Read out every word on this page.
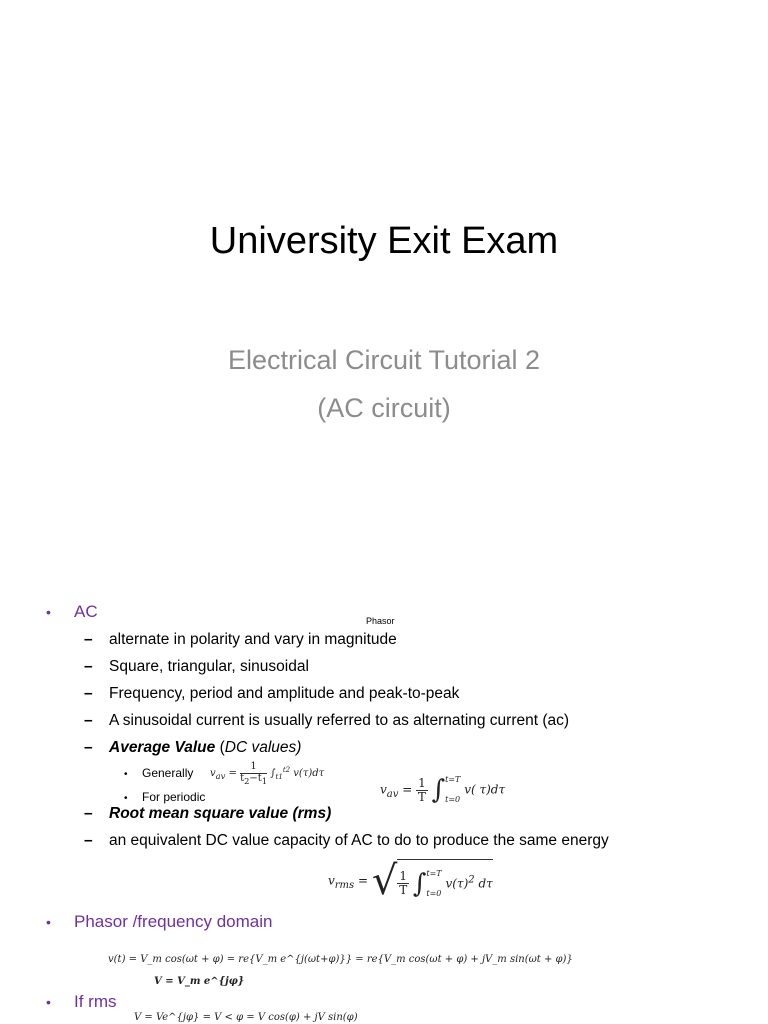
University Exit Exam
Electrical Circuit Tutorial 2
(AC circuit)
Phasor
• AC
– alternate in polarity and vary in magnitude
– Square, triangular, sinusoidal
– Frequency, period and amplitude and peak-to-peak
– A sinusoidal current is usually referred to as alternating current (ac)
– Average Value (DC values)
• Generally
• For periodic
$v_{av} = \frac{1}{t_2-t_1} \int_{t1}^{t2}$ v(τ)dτ
$v_{av} = \frac{1}{T}$ ∫ t=T
t=0
v( τ)dτ
– Root mean square value (rms)
– an equivalent DC value capacity of AC to do to produce the same energy
$v_{rms}$ = √ $\frac{1}{T}$ ∫ t=T
t=0
$v(\tau)^2$ dτ
• Phasor /frequency domain
v(t) = V_m cos(ωt + φ) = re{V_m e^{j(ωt+φ)}} = re{V_m cos(ωt + φ) + jV_m sin(ωt + φ)}
V = V_m e^{jφ}
• If rms
V = Ve^{jφ} = V < φ = V cos(φ) + jV sin(φ)
